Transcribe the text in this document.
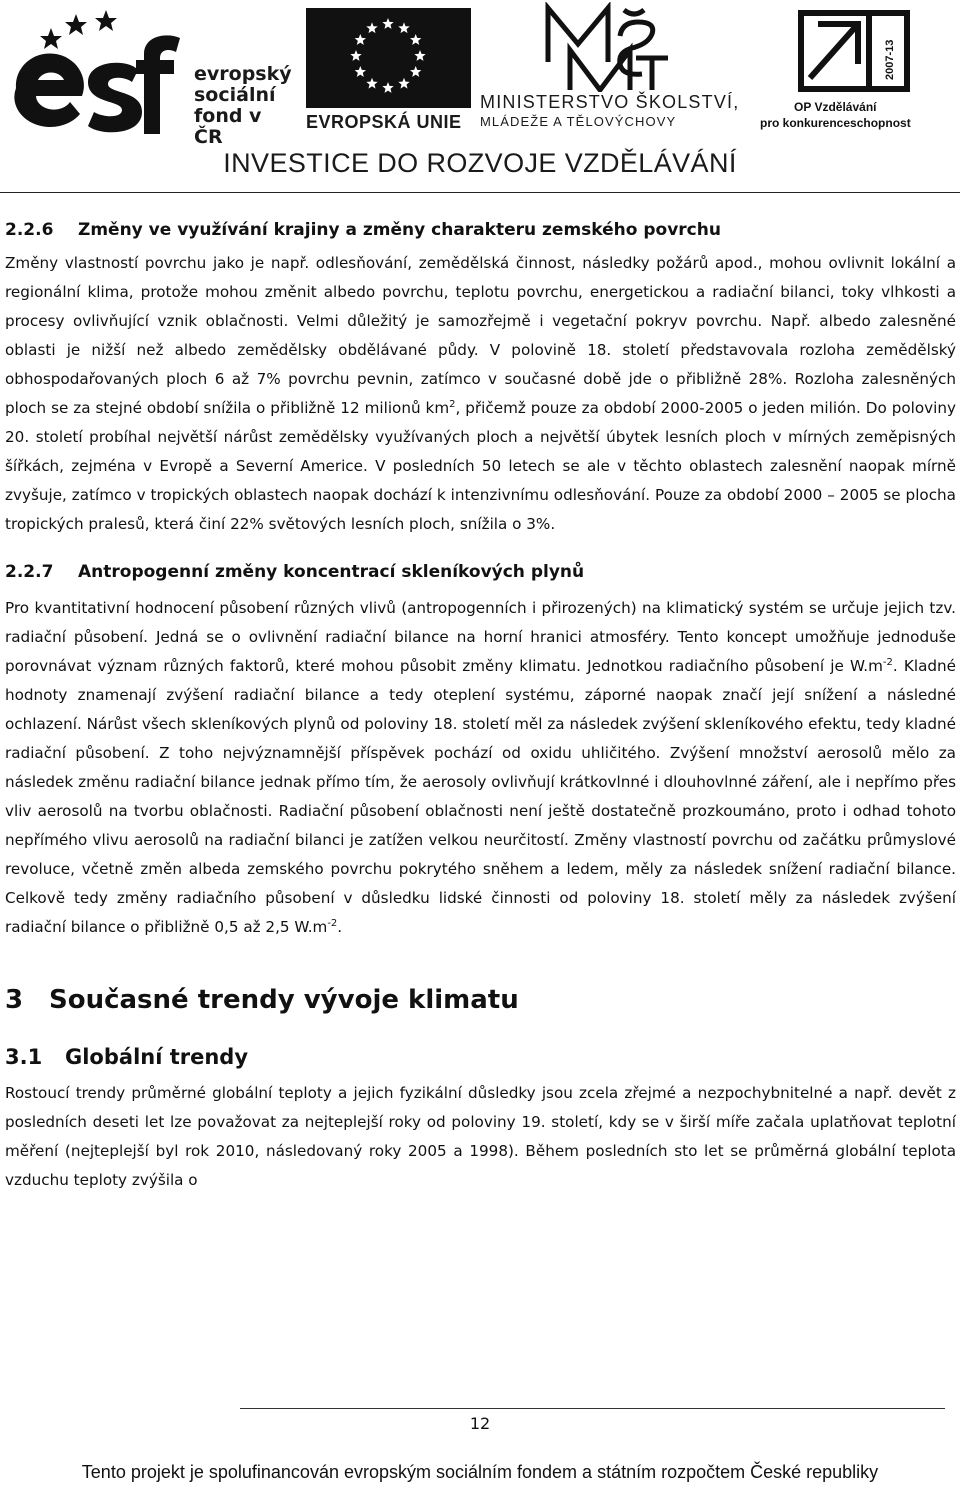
evropský
sociální
fond v ČR
EVROPSKÁ UNIE
MINISTERSTVO ŠKOLSTVÍ,
MLÁDEŽE A TĚLOVÝCHOVY
2007-13
OP Vzdělávání
pro konkurenceschopnost
INVESTICE DO ROZVOJE VZDĚLÁVÁNÍ
2.2.6 Změny ve využívání krajiny a změny charakteru zemského povrchu

Změny vlastností povrchu jako je např. odlesňování, zemědělská činnost, následky požárů apod., mohou ovlivnit lokální a regionální klima, protože mohou změnit albedo povrchu, teplotu povrchu, energetickou a radiační bilanci, toky vlhkosti a procesy ovlivňující vznik oblačnosti. Velmi důležitý je samozřejmě i vegetační pokryv povrchu. Např. albedo zalesněné oblasti je nižší než albedo zemědělsky obdělávané půdy. V polovině 18. století představovala rozloha zemědělský obhospodařovaných ploch 6 až 7% povrchu pevnin, zatímco v současné době jde o přibližně 28%. Rozloha zalesněných ploch se za stejné období snížila o přibližně 12 milionů $km^2$, přičemž pouze za období 2000-2005 o jeden milión. Do poloviny 20. století probíhal největší nárůst zemědělsky využívaných ploch a největší úbytek lesních ploch v mírných zeměpisných šířkách, zejména v Evropě a Severní Americe. V posledních 50 letech se ale v těchto oblastech zalesnění naopak mírně zvyšuje, zatímco v tropických oblastech naopak dochází k intenzivnímu odlesňování. Pouze za období 2000 – 2005 se plocha tropických pralesů, která činí 22% světových lesních ploch, snížila o 3%.

2.2.7 Antropogenní změny koncentrací skleníkových plynů

Pro kvantitativní hodnocení působení různých vlivů (antropogenních i přirozených) na klimatický systém se určuje jejich tzv. radiační působení. Jedná se o ovlivnění radiační bilance na horní hranici atmosféry. Tento koncept umožňuje jednoduše porovnávat význam různých faktorů, které mohou působit změny klimatu. Jednotkou radiačního působení je $W.m^{-2}$. Kladné hodnoty znamenají zvýšení radiační bilance a tedy oteplení systému, záporné naopak značí její snížení a následné ochlazení. Nárůst všech skleníkových plynů od poloviny 18. století měl za následek zvýšení skleníkového efektu, tedy kladné radiační působení. Z toho nejvýznamnější příspěvek pochází od oxidu uhličitého. Zvýšení množství aerosolů mělo za následek změnu radiační bilance jednak přímo tím, že aerosoly ovlivňují krátkovlnné i dlouhovlnné záření, ale i nepřímo přes vliv aerosolů na tvorbu oblačnosti. Radiační působení oblačnosti není ještě dostatečně prozkoumáno, proto i odhad tohoto nepřímého vlivu aerosolů na radiační bilanci je zatížen velkou neurčitostí. Změny vlastností povrchu od začátku průmyslové revoluce, včetně změn albeda zemského povrchu pokrytého sněhem a ledem, měly za následek snížení radiační bilance. Celkově tedy změny radiačního působení v důsledku lidské činnosti od poloviny 18. století měly za následek zvýšení radiační bilance o přibližně 0,5 až 2,5 $W.m^{-2}$.

3 Současné trendy vývoje klimatu
3.1 Globální trendy

Rostoucí trendy průměrné globální teploty a jejich fyzikální důsledky jsou zcela zřejmé a nezpochybnitelné a např. devět z posledních deseti let lze považovat za nejteplejší roky od poloviny 19. století, kdy se v širší míře začala uplatňovat teplotní měření (nejteplejší byl rok 2010, následovaný roky 2005 a 1998). Během posledních sto let se průměrná globální teplota vzduchu teploty zvýšila o

12
Tento projekt je spolufinancován evropským sociálním fondem a státním rozpočtem České republiky
